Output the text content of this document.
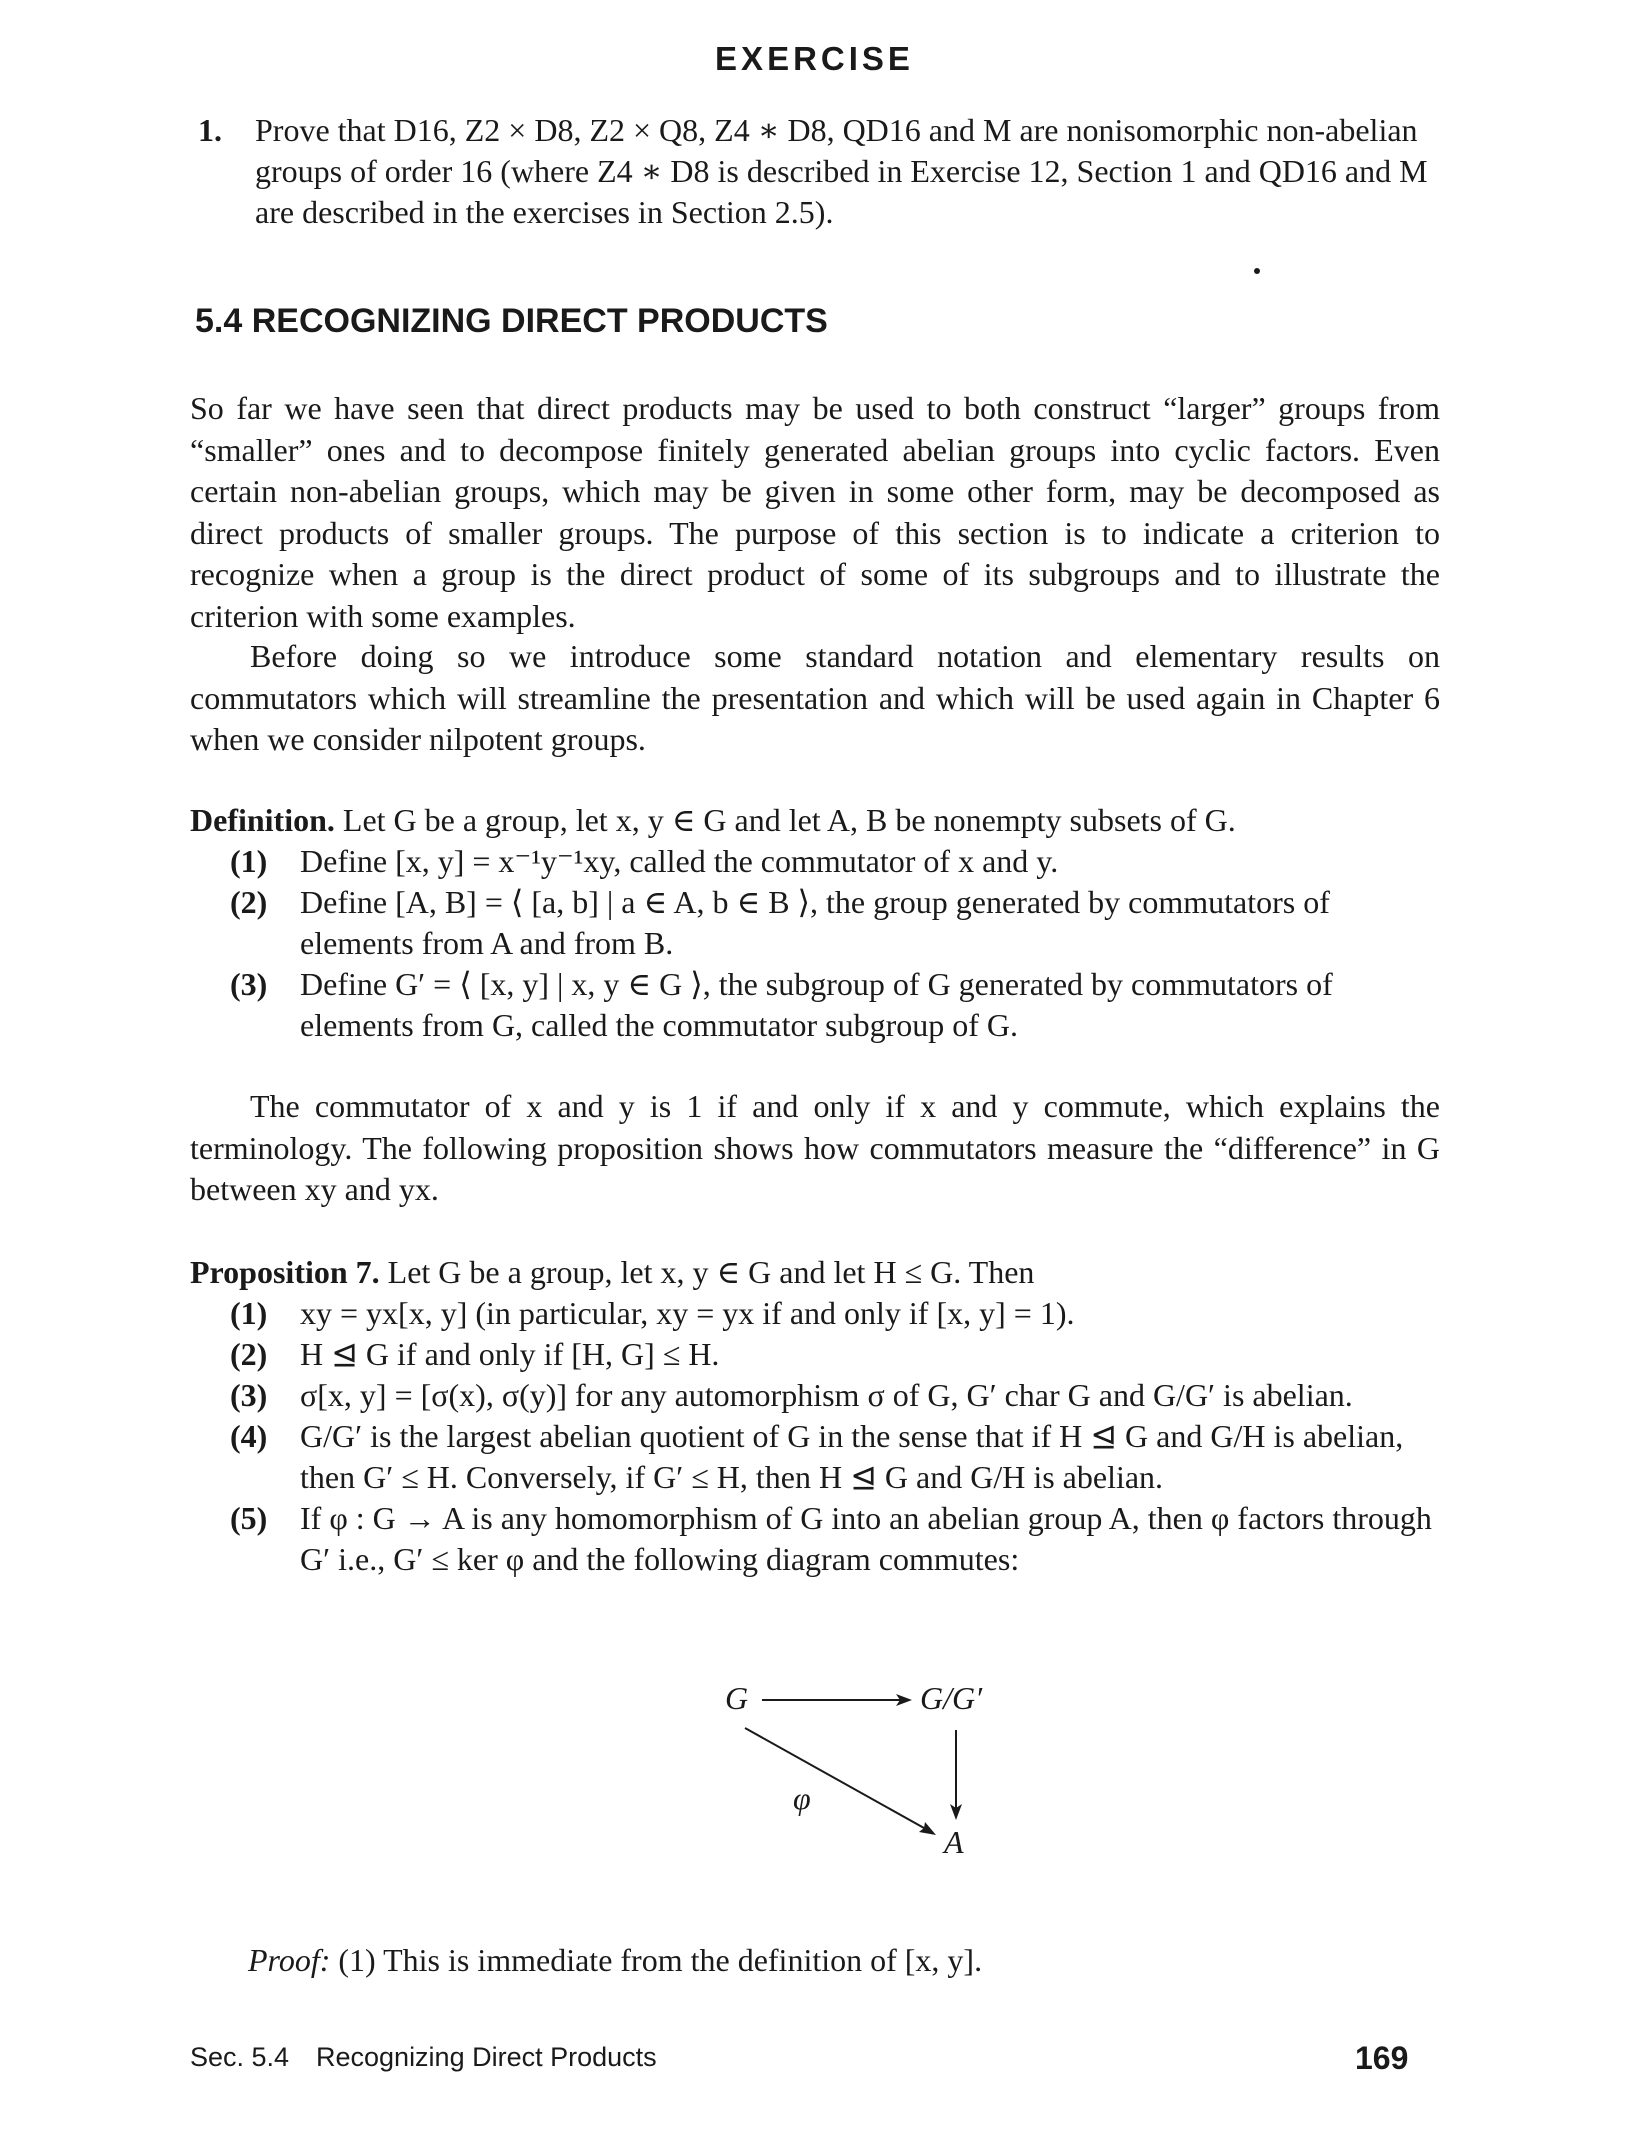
EXERCISE
1. Prove that D16, Z2 × D8, Z2 × Q8, Z4 ∗ D8, QD16 and M are nonisomorphic non-abelian groups of order 16 (where Z4 ∗ D8 is described in Exercise 12, Section 1 and QD16 and M are described in the exercises in Section 2.5).
5.4 RECOGNIZING DIRECT PRODUCTS

So far we have seen that direct products may be used to both construct “larger” groups from “smaller” ones and to decompose finitely generated abelian groups into cyclic factors. Even certain non-abelian groups, which may be given in some other form, may be decomposed as direct products of smaller groups. The purpose of this section is to indicate a criterion to recognize when a group is the direct product of some of its subgroups and to illustrate the criterion with some examples.

Before doing so we introduce some standard notation and elementary results on commutators which will streamline the presentation and which will be used again in Chapter 6 when we consider nilpotent groups.

Definition. Let G be a group, let x, y ∈ G and let A, B be nonempty subsets of G.
(1) Define [x, y] = x⁻¹y⁻¹xy, called the commutator of x and y.
(2) Define [A, B] = ⟨ [a, b] | a ∈ A, b ∈ B ⟩, the group generated by commutators of elements from A and from B.
(3) Define G′ = ⟨ [x, y] | x, y ∈ G ⟩, the subgroup of G generated by commutators of elements from G, called the commutator subgroup of G.

The commutator of x and y is 1 if and only if x and y commute, which explains the terminology. The following proposition shows how commutators measure the “difference” in G between xy and yx.

Proposition 7. Let G be a group, let x, y ∈ G and let H ≤ G. Then
(1) xy = yx[x, y] (in particular, xy = yx if and only if [x, y] = 1).
(2) H ⊴ G if and only if [H, G] ≤ H.
(3) σ[x, y] = [σ(x), σ(y)] for any automorphism σ of G, G′ char G and G/G′ is abelian.
(4) G/G′ is the largest abelian quotient of G in the sense that if H ⊴ G and G/H is abelian, then G′ ≤ H. Conversely, if G′ ≤ H, then H ⊴ G and G/H is abelian.
(5) If φ : G → A is any homomorphism of G into an abelian group A, then φ factors through G′ i.e., G′ ≤ ker φ and the following diagram commutes:
G	G/G′
φ
A
Proof: (1) This is immediate from the definition of [x, y].
Sec. 5.4 Recognizing Direct Products	169
